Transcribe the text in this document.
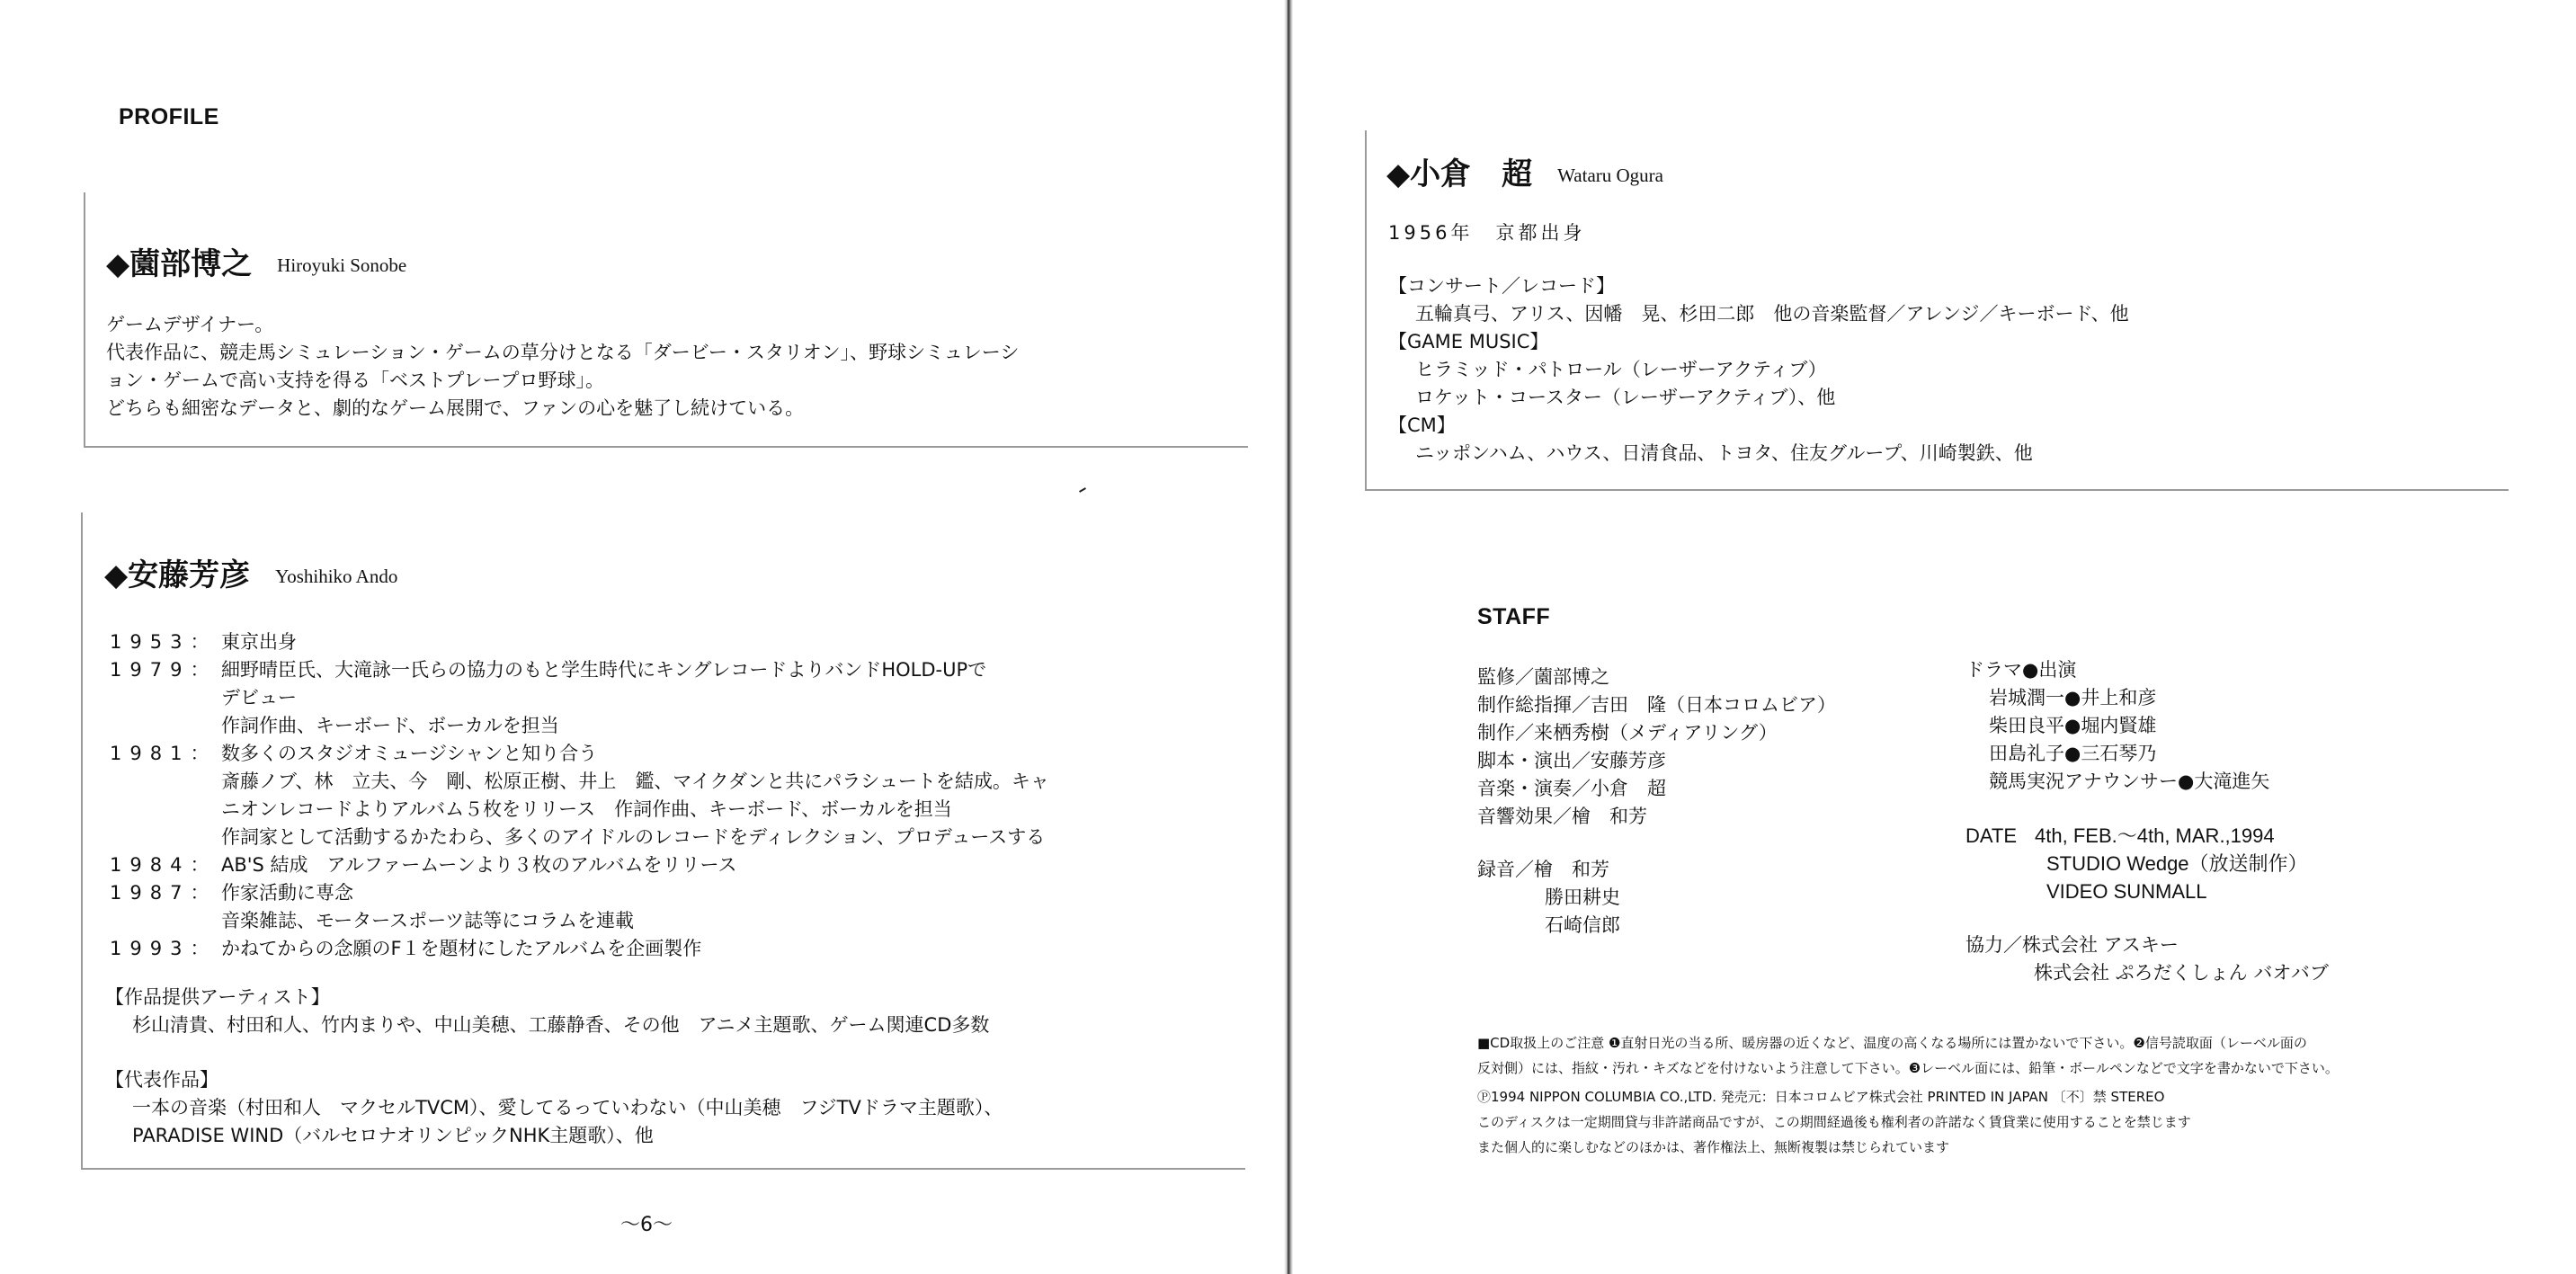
PROFILE
◆薗部博之 Hiroyuki Sonobe
ゲームデザイナー。
代表作品に、競走馬シミュレーション・ゲームの草分けとなる「ダービー・スタリオン」、野球シミュレーシ
ョン・ゲームで高い支持を得る「ベストプレープロ野球」。
どちらも細密なデータと、劇的なゲーム展開で、ファンの心を魅了し続けている。
◆安藤芳彦 Yoshihiko Ando
1953： 東京出身
1979： 細野晴臣氏、大滝詠一氏らの協力のもと学生時代にキングレコードよりバンドHOLD-UPで
デビュー
作詞作曲、キーボード、ボーカルを担当
1981： 数多くのスタジオミュージシャンと知り合う
斎藤ノブ、林　立夫、今　剛、松原正樹、井上　鑑、マイクダンと共にパラシュートを結成。キャ
ニオンレコードよりアルバム５枚をリリース　作詞作曲、キーボード、ボーカルを担当
作詞家として活動するかたわら、多くのアイドルのレコードをディレクション、プロデュースする
1984： AB'S 結成　アルファームーンより３枚のアルバムをリリース
1987： 作家活動に専念
音楽雑誌、モータースポーツ誌等にコラムを連載
1993： かねてからの念願のF１を題材にしたアルバムを企画製作
【作品提供アーティスト】
杉山清貴、村田和人、竹内まりや、中山美穂、工藤静香、その他　アニメ主題歌、ゲーム関連CD多数
【代表作品】
一本の音楽（村田和人　マクセルTVCM）、愛してるっていわない（中山美穂　フジTVドラマ主題歌）、
PARADISE WIND（バルセロナオリンピックNHK主題歌）、他
～6～
◆小倉　超 Wataru Ogura
1956年　京都出身
【コンサート／レコード】
五輪真弓、アリス、因幡　晃、杉田二郎　他の音楽監督／アレンジ／キーボード、他
【GAME MUSIC】
ヒラミッド・パトロール（レーザーアクティブ）
ロケット・コースター（レーザーアクティブ）、他
【CM】
ニッポンハム、ハウス、日清食品、トヨタ、住友グループ、川崎製鉄、他
STAFF
監修／薗部博之
制作総指揮／吉田　隆（日本コロムビア）
制作／来栖秀樹（メディアリング）
脚本・演出／安藤芳彦
音楽・演奏／小倉　超
音響効果／檜　和芳
録音／檜　和芳
勝田耕史
石崎信郎
ドラマ●出演
岩城潤一●井上和彦
柴田良平●堀内賢雄
田島礼子●三石琴乃
競馬実況アナウンサー●大滝進矢
DATE 4th, FEB.～4th, MAR.,1994
STUDIO Wedge（放送制作）
VIDEO SUNMALL
協力／株式会社 アスキー
株式会社 ぷろだくしょん バオバブ
■CD取扱上のご注意 ❶直射日光の当る所、暖房器の近くなど、温度の高くなる場所には置かないで下さい。❷信号読取面（レーベル面の
反対側）には、指紋・汚れ・キズなどを付けないよう注意して下さい。❸レーベル面には、鉛筆・ボールペンなどで文字を書かないで下さい。
Ⓟ1994 NIPPON COLUMBIA CO.,LTD. 発売元：日本コロムビア株式会社 PRINTED IN JAPAN 〔不〕禁 STEREO
このディスクは一定期間貸与非許諾商品ですが、この期間経過後も権利者の許諾なく賃貸業に使用することを禁じます
また個人的に楽しむなどのほかは、著作権法上、無断複製は禁じられています
